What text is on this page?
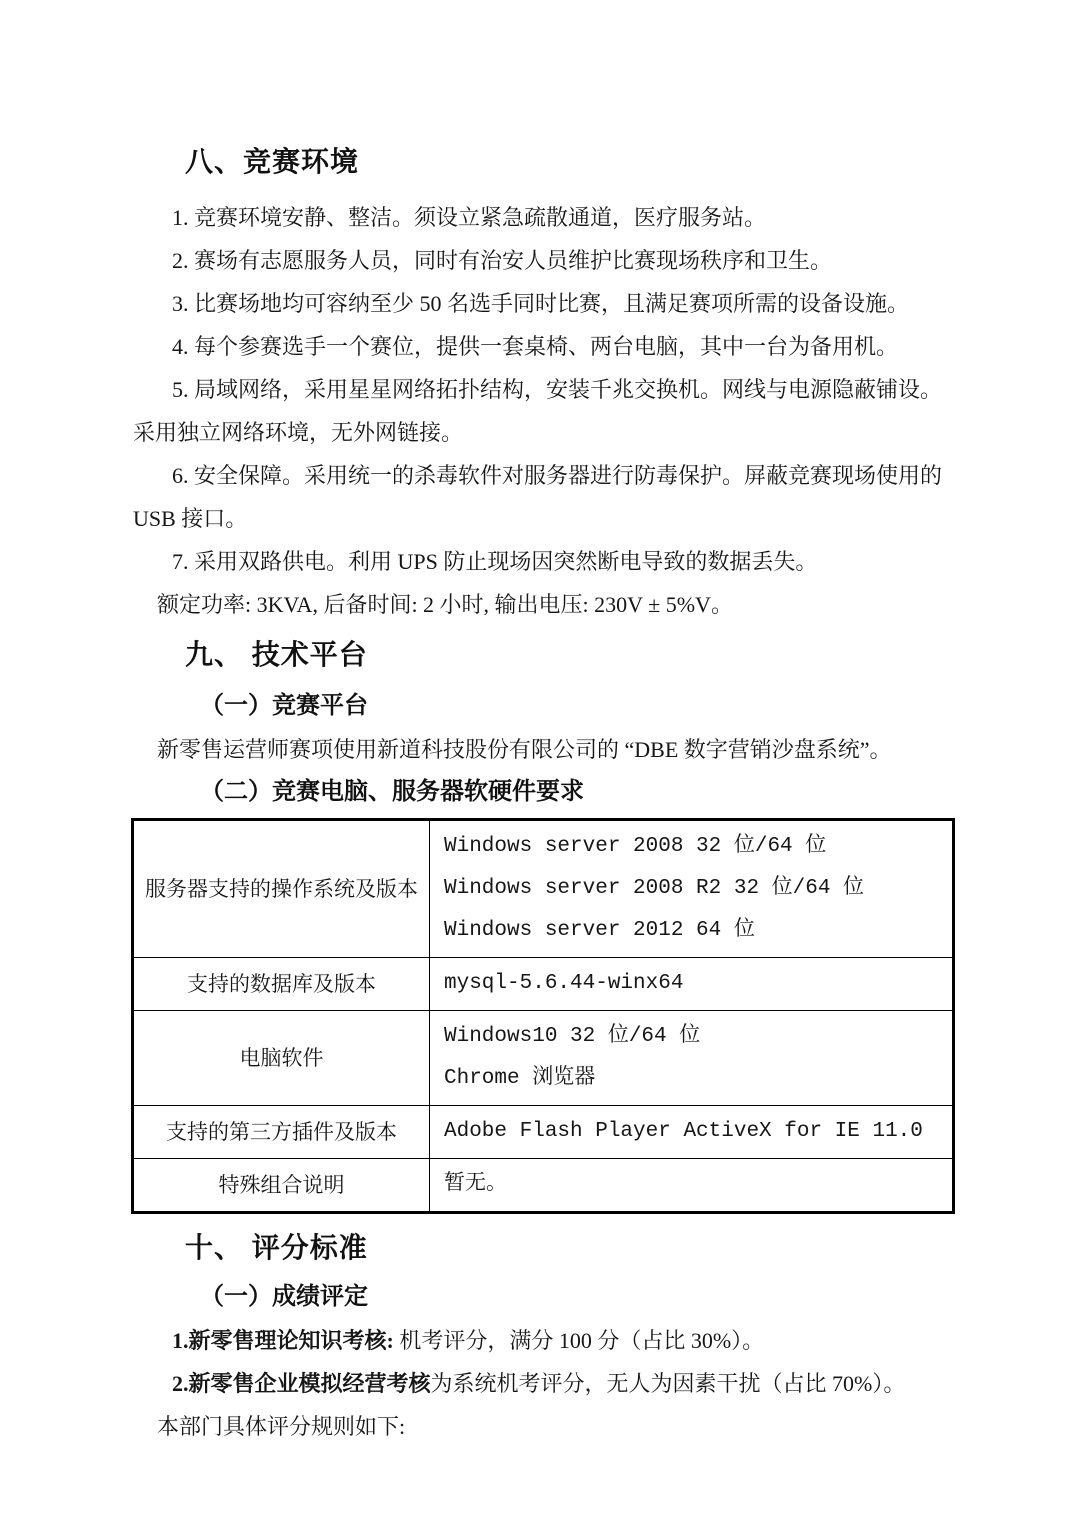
八、竞赛环境

1. 竞赛环境安静、整洁。须设立紧急疏散通道，医疗服务站。

2. 赛场有志愿服务人员，同时有治安人员维护比赛现场秩序和卫生。

3. 比赛场地均可容纳至少 50 名选手同时比赛，且满足赛项所需的设备设施。

4. 每个参赛选手一个赛位，提供一套桌椅、两台电脑，其中一台为备用机。

5. 局域网络，采用星星网络拓扑结构，安装千兆交换机。网线与电源隐蔽铺设。采用独立网络环境，无外网链接。

6. 安全保障。采用统一的杀毒软件对服务器进行防毒保护。屏蔽竞赛现场使用的 USB 接口。

7. 采用双路供电。利用 UPS 防止现场因突然断电导致的数据丢失。

额定功率: 3KVA, 后备时间: 2 小时, 输出电压: 230V ± 5%V。

九、 技术平台
（一）竞赛平台

新零售运营师赛项使用新道科技股份有限公司的 “DBE 数字营销沙盘系统”。

（二）竞赛电脑、服务器软硬件要求
服务器支持的操作系统及版本	Windows server 2008 32 位/64 位
Windows server 2008 R2 32 位/64 位
Windows server 2012 64 位

支持的数据库及版本	mysql-5.6.44-winx64

电脑软件	Windows10 32 位/64 位
Chrome 浏览器

支持的第三方插件及版本	Adobe Flash Player ActiveX for IE 11.0

特殊组合说明	暂无。
十、 评分标准
（一）成绩评定

1.新零售理论知识考核: 机考评分，满分 100 分（占比 30%）。

2.新零售企业模拟经营考核为系统机考评分，无人为因素干扰（占比 70%）。

本部门具体评分规则如下:
